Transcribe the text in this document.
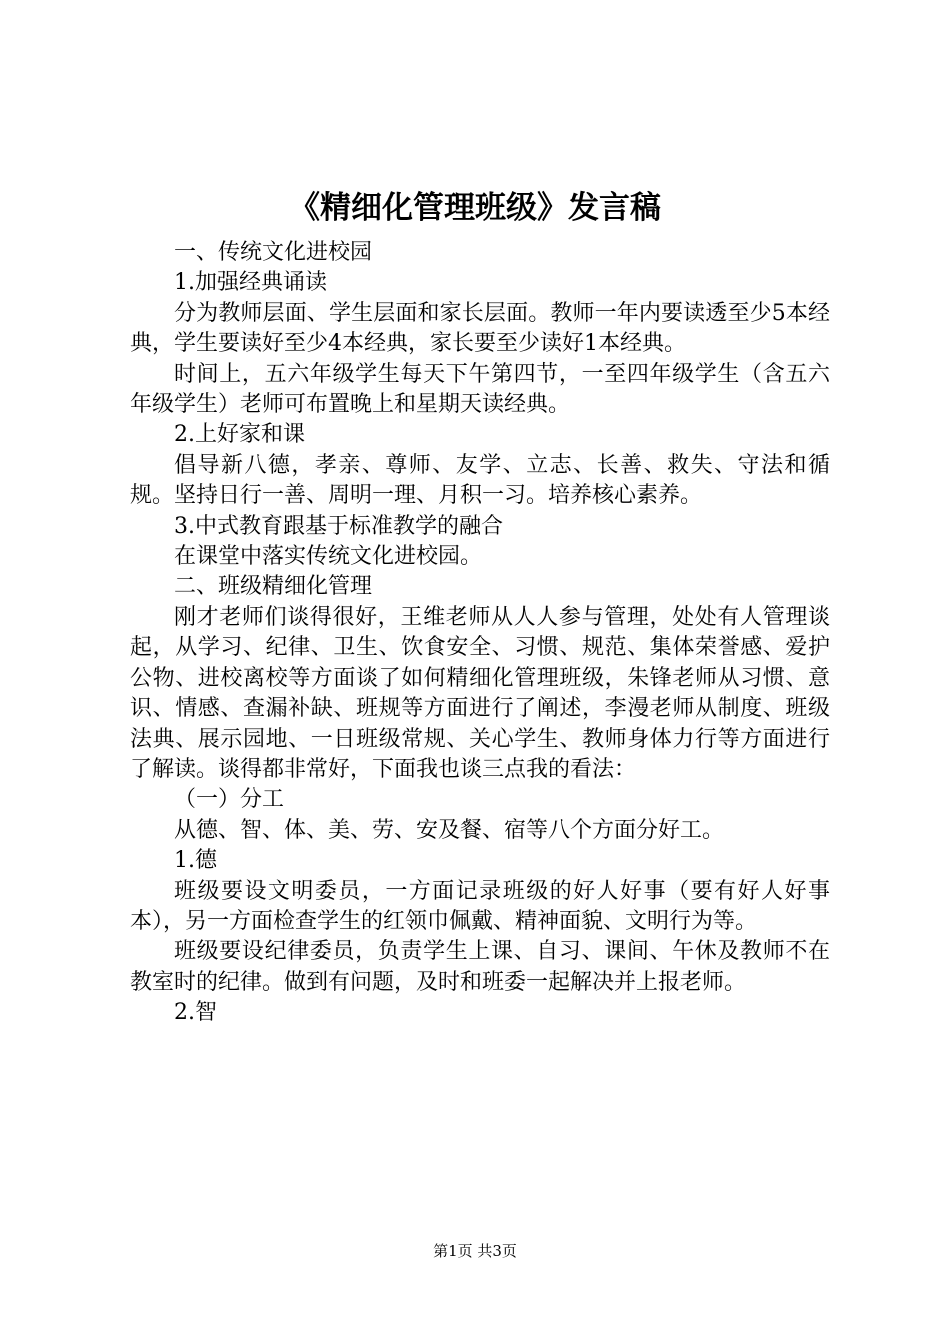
《精细化管理班级》发言稿

一、传统文化进校园

1.加强经典诵读

分为教师层面、学生层面和家长层面。教师一年内要读透至少5本经典，学生要读好至少4本经典，家长要至少读好1本经典。

时间上，五六年级学生每天下午第四节，一至四年级学生（含五六年级学生）老师可布置晚上和星期天读经典。

2.上好家和课

倡导新八德，孝亲、尊师、友学、立志、长善、救失、守法和循规。坚持日行一善、周明一理、月积一习。培养核心素养。

3.中式教育跟基于标准教学的融合

在课堂中落实传统文化进校园。

二、班级精细化管理

刚才老师们谈得很好，王维老师从人人参与管理，处处有人管理谈起，从学习、纪律、卫生、饮食安全、习惯、规范、集体荣誉感、爱护公物、进校离校等方面谈了如何精细化管理班级，朱锋老师从习惯、意识、情感、查漏补缺、班规等方面进行了阐述，李漫老师从制度、班级法典、展示园地、一日班级常规、关心学生、教师身体力行等方面进行了解读。谈得都非常好，下面我也谈三点我的看法：

（一）分工

从德、智、体、美、劳、安及餐、宿等八个方面分好工。

1.德

班级要设文明委员，一方面记录班级的好人好事（要有好人好事本），另一方面检查学生的红领巾佩戴、精神面貌、文明行为等。

班级要设纪律委员，负责学生上课、自习、课间、午休及教师不在教室时的纪律。做到有问题，及时和班委一起解决并上报老师。

2.智

第1页 共3页
